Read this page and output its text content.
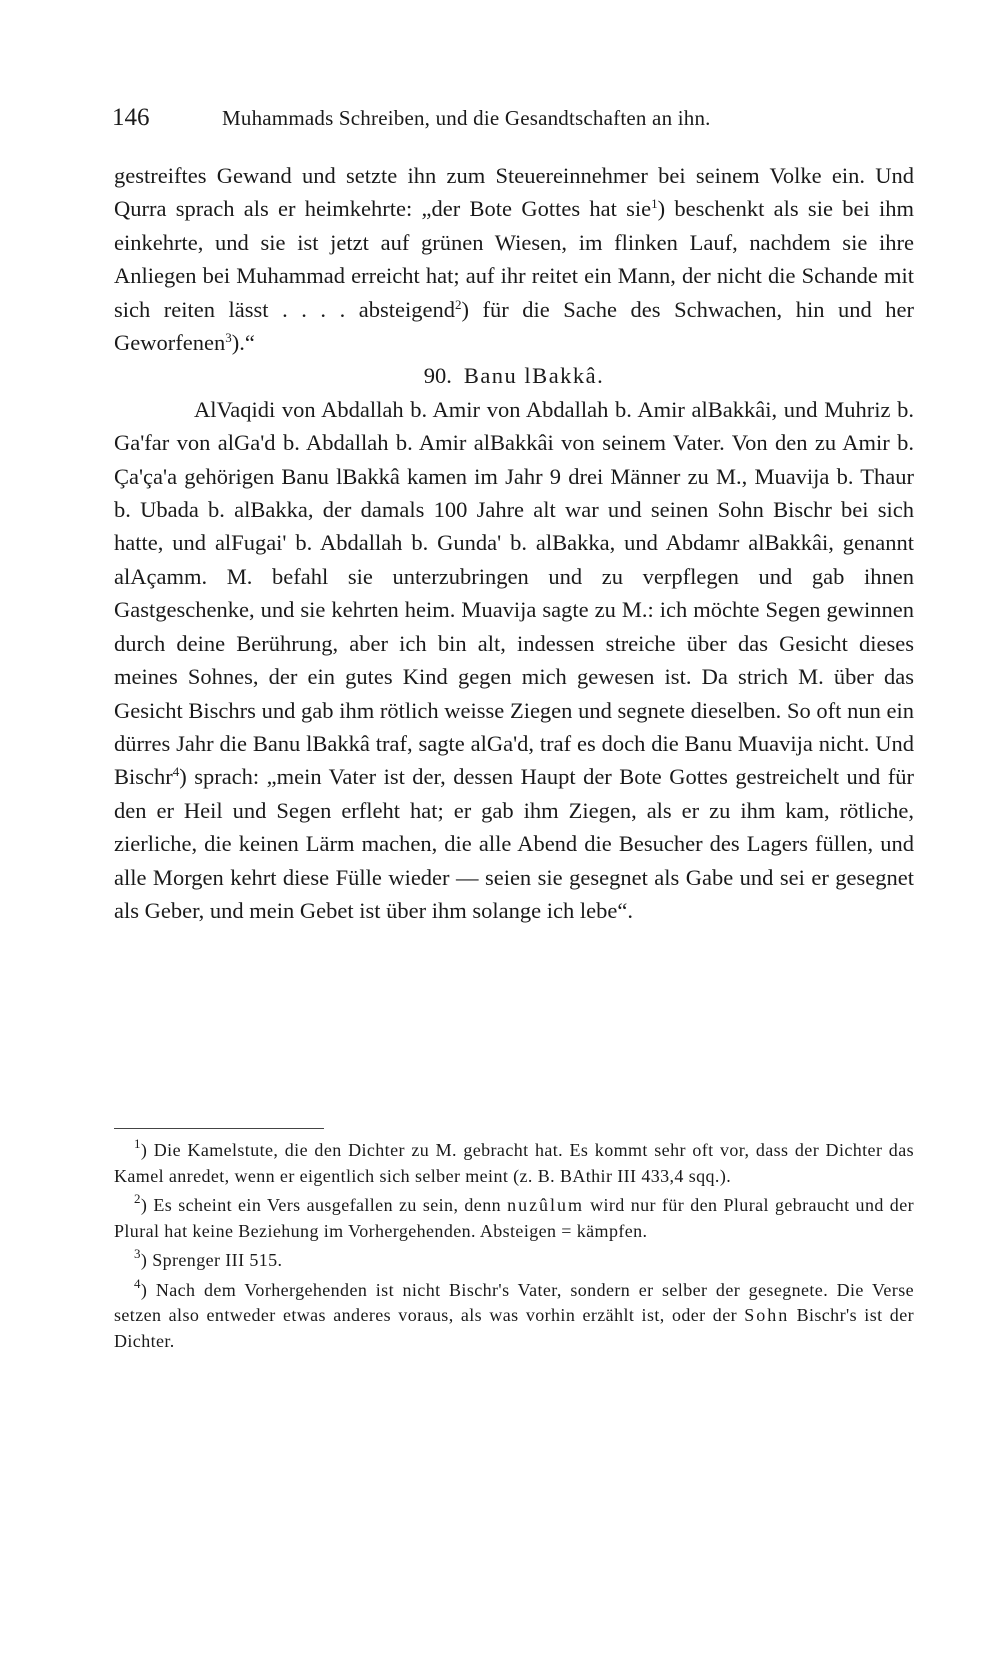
146	Muhammads Schreiben, und die Gesandtschaften an ihn.

gestreiftes Gewand und setzte ihn zum Steuereinnehmer bei seinem Volke ein. Und Qurra sprach als er heimkehrte: „der Bote Gottes hat sie$^1$) beschenkt als sie bei ihm einkehrte, und sie ist jetzt auf grünen Wiesen, im flinken Lauf, nachdem sie ihre Anliegen bei Muhammad erreicht hat; auf ihr reitet ein Mann, der nicht die Schande mit sich reiten lässt . . . . absteigend$^2$) für die Sache des Schwachen, hin und her Geworfenen$^3$).“

90. Banu lBakkâ.

AlVaqidi von Abdallah b. Amir von Abdallah b. Amir alBakkâi, und Muhriz b. Ga'far von alGa'd b. Abdallah b. Amir alBakkâi von seinem Vater. Von den zu Amir b. Ça'ça'a gehörigen Banu lBakkâ kamen im Jahr 9 drei Männer zu M., Muavija b. Thaur b. Ubada b. alBakka, der damals 100 Jahre alt war und seinen Sohn Bischr bei sich hatte, und alFugai' b. Abdallah b. Gunda' b. alBakka, und Abdamr alBakkâi, genannt alAçamm. M. befahl sie unterzubringen und zu verpflegen und gab ihnen Gastgeschenke, und sie kehrten heim. Muavija sagte zu M.: ich möchte Segen gewinnen durch deine Berührung, aber ich bin alt, indessen streiche über das Gesicht dieses meines Sohnes, der ein gutes Kind gegen mich gewesen ist. Da strich M. über das Gesicht Bischrs und gab ihm rötlich weisse Ziegen und segnete dieselben. So oft nun ein dürres Jahr die Banu lBakkâ traf, sagte alGa'd, traf es doch die Banu Muavija nicht. Und Bischr$^4$) sprach: „mein Vater ist der, dessen Haupt der Bote Gottes gestreichelt und für den er Heil und Segen erfleht hat; er gab ihm Ziegen, als er zu ihm kam, rötliche, zierliche, die keinen Lärm machen, die alle Abend die Besucher des Lagers füllen, und alle Morgen kehrt diese Fülle wieder — seien sie gesegnet als Gabe und sei er gesegnet als Geber, und mein Gebet ist über ihm solange ich lebe“.

$^1$) Die Kamelstute, die den Dichter zu M. gebracht hat. Es kommt sehr oft vor, dass der Dichter das Kamel anredet, wenn er eigentlich sich selber meint (z. B. BAthir III 433,4 sqq.).

$^2$) Es scheint ein Vers ausgefallen zu sein, denn nuzûlum wird nur für den Plural gebraucht und der Plural hat keine Beziehung im Vorhergehenden. Absteigen = kämpfen.

$^3$) Sprenger III 515.

$^4$) Nach dem Vorhergehenden ist nicht Bischr's Vater, sondern er selber der gesegnete. Die Verse setzen also entweder etwas anderes voraus, als was vorhin erzählt ist, oder der Sohn Bischr's ist der Dichter.
